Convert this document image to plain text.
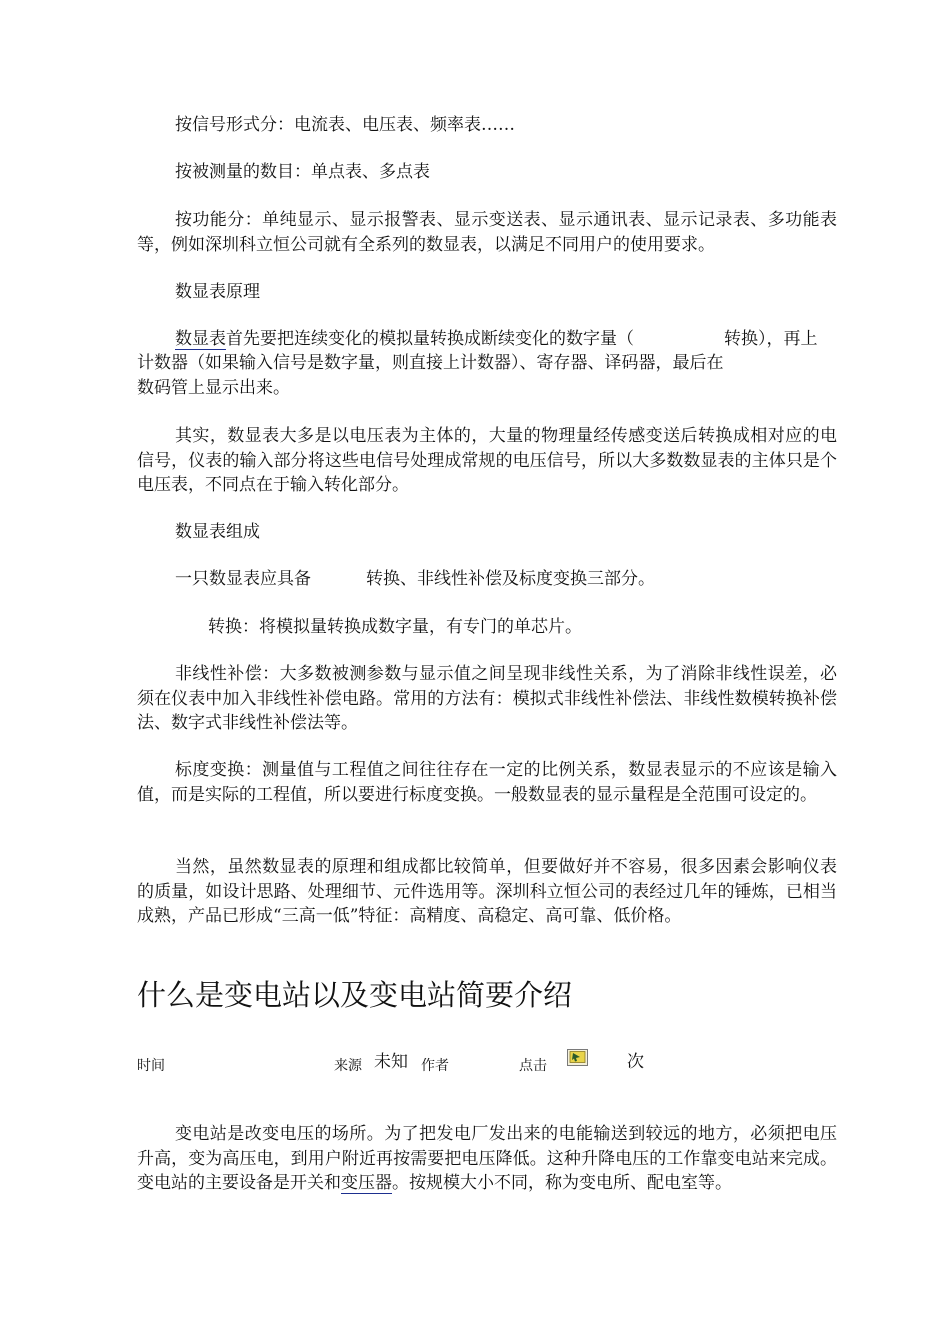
按信号形式分：电流表、电压表、频率表……

按被测量的数目：单点表、多点表

按功能分：单纯显示、显示报警表、显示变送表、显示通讯表、显示记录表、多功能表等，例如深圳科立恒公司就有全系列的数显表，以满足不同用户的使用要求。

数显表原理

数显表首先要把连续变化的模拟量转换成断续变化的数字量（	转换），再上

计数器（如果输入信号是数字量，则直接上计数器）、寄存器、译码器，最后在

数码管上显示出来。

其实，数显表大多是以电压表为主体的，大量的物理量经传感变送后转换成相对应的电信号，仪表的输入部分将这些电信号处理成常规的电压信号，所以大多数数显表的主体只是个电压表，不同点在于输入转化部分。

数显表组成

一只数显表应具备	转换、非线性补偿及标度变换三部分。

转换：将模拟量转换成数字量，有专门的单芯片。

非线性补偿：大多数被测参数与显示值之间呈现非线性关系，为了消除非线性误差，必须在仪表中加入非线性补偿电路。常用的方法有：模拟式非线性补偿法、非线性数模转换补偿法、数字式非线性补偿法等。

标度变换：测量值与工程值之间往往存在一定的比例关系，数显表显示的不应该是输入值，而是实际的工程值，所以要进行标度变换。一般数显表的显示量程是全范围可设定的。

当然，虽然数显表的原理和组成都比较简单，但要做好并不容易，很多因素会影响仪表的质量，如设计思路、处理细节、元件选用等。深圳科立恒公司的表经过几年的锤炼，已相当成熟，产品已形成“三高一低”特征：高精度、高稳定、高可靠、低价格。

什么是变电站以及变电站简要介绍
时间	来源 未知 作者	点击	次

变电站是改变电压的场所。为了把发电厂发出来的电能输送到较远的地方，必须把电压升高，变为高压电，到用户附近再按需要把电压降低。这种升降电压的工作靠变电站来完成。变电站的主要设备是开关和变压器。按规模大小不同，称为变电所、配电室等。
